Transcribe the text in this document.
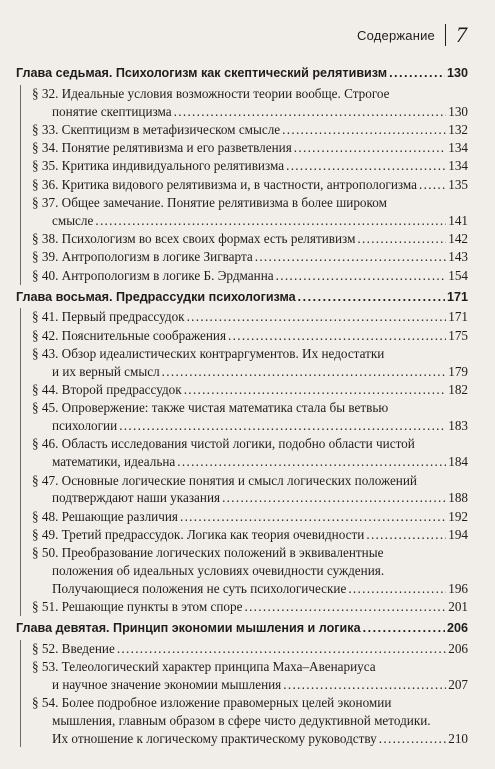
Содержание 7
Глава седьмая. Психологизм как скептический релятивизм . . .	130
§ 32. Идеальные условия возможности теории вообще. Строгое
понятие скептицизма . . .	130
§ 33. Скептицизм в метафизическом смысле . . .	132
§ 34. Понятие релятивизма и его разветвления . . .	134
§ 35. Критика индивидуального релятивизма . . .	134
§ 36. Критика видового релятивизма и, в частности, антропологизма . . . 135
§ 37. Общее замечание. Понятие релятивизма в более широком
смысле . . .	141
§ 38. Психологизм во всех своих формах есть релятивизм . . .	142
§ 39. Антропологизм в логике Зигварта . . .	143
§ 40. Антропологизм в логике Б. Эрдманна . . .	154
Глава восьмая. Предрассудки психологизма . . .	171
§ 41. Первый предрассудок . . .	171
§ 42. Пояснительные соображения . . .	175
§ 43. Обзор идеалистических контраргументов. Их недостатки
и их верный смысл . . .	179
§ 44. Второй предрассудок . . .	182
§ 45. Опровержение: также чистая математика стала бы ветвью
психологии . . .	183
§ 46. Область исследования чистой логики, подобно области чистой
математики, идеальна . . .	184
§ 47. Основные логические понятия и смысл логических положений
подтверждают наши указания . . .	188
§ 48. Решающие различия . . .	192
§ 49. Третий предрассудок. Логика как теория очевидности . . .	194
§ 50. Преобразование логических положений в эквивалентные
положения об идеальных условиях очевидности суждения.
Получающиеся положения не суть психологические . . .	196
§ 51. Решающие пункты в этом споре . . .	201
Глава девятая. Принцип экономии мышления и логика . . .	206
§ 52. Введение . . .	206
§ 53. Телеологический характер принципа Маха–Авенариуса
и научное значение экономии мышления . . .	207
§ 54. Более подробное изложение правомерных целей экономии
мышления, главным образом в сфере чисто дедуктивной методики.
Их отношение к логическому практическому руководству . . .	210
